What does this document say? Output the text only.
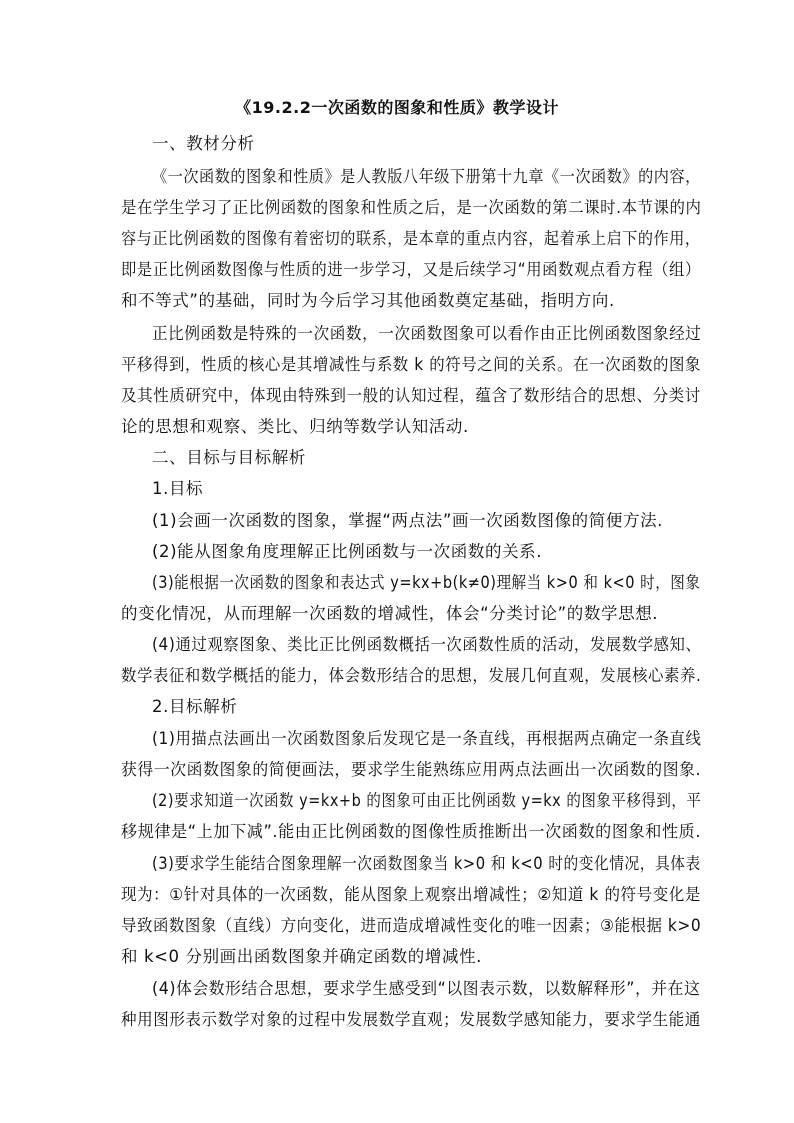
《19.2.2一次函数的图象和性质》教学设计
一、教材分析
《一次函数的图象和性质》是人教版八年级下册第十九章《一次函数》的内容，
是在学生学习了正比例函数的图象和性质之后，是一次函数的第二课时.本节课的内
容与正比例函数的图像有着密切的联系，是本章的重点内容，起着承上启下的作用，
即是正比例函数图像与性质的进一步学习，又是后续学习“用函数观点看方程（组）
和不等式”的基础，同时为今后学习其他函数奠定基础，指明方向.
正比例函数是特殊的一次函数，一次函数图象可以看作由正比例函数图象经过
平移得到，性质的核心是其增减性与系数 k 的符号之间的关系。在一次函数的图象
及其性质研究中，体现由特殊到一般的认知过程，蕴含了数形结合的思想、分类讨
论的思想和观察、类比、归纳等数学认知活动.
二、目标与目标解析
1.目标
(1)会画一次函数的图象，掌握“两点法”画一次函数图像的简便方法.
(2)能从图象角度理解正比例函数与一次函数的关系.
(3)能根据一次函数的图象和表达式 y=kx+b(k≠0)理解当 k>0 和 k<0 时，图象
的变化情况，从而理解一次函数的增减性，体会“分类讨论”的数学思想.
(4)通过观察图象、类比正比例函数概括一次函数性质的活动，发展数学感知、
数学表征和数学概括的能力，体会数形结合的思想，发展几何直观，发展核心素养.
2.目标解析
(1)用描点法画出一次函数图象后发现它是一条直线，再根据两点确定一条直线
获得一次函数图象的简便画法，要求学生能熟练应用两点法画出一次函数的图象.
(2)要求知道一次函数 y=kx+b 的图象可由正比例函数 y=kx 的图象平移得到，平
移规律是“上加下减”.能由正比例函数的图像性质推断出一次函数的图象和性质.
(3)要求学生能结合图象理解一次函数图象当 k>0 和 k<0 时的变化情况，具体表
现为：①针对具体的一次函数，能从图象上观察出增减性；②知道 k 的符号变化是
导致函数图象（直线）方向变化，进而造成增减性变化的唯一因素；③能根据 k>0
和 k<0 分别画出函数图象并确定函数的增减性.
(4)体会数形结合思想，要求学生感受到“以图表示数，以数解释形”，并在这
种用图形表示数学对象的过程中发展数学直观；发展数学感知能力，要求学生能通
